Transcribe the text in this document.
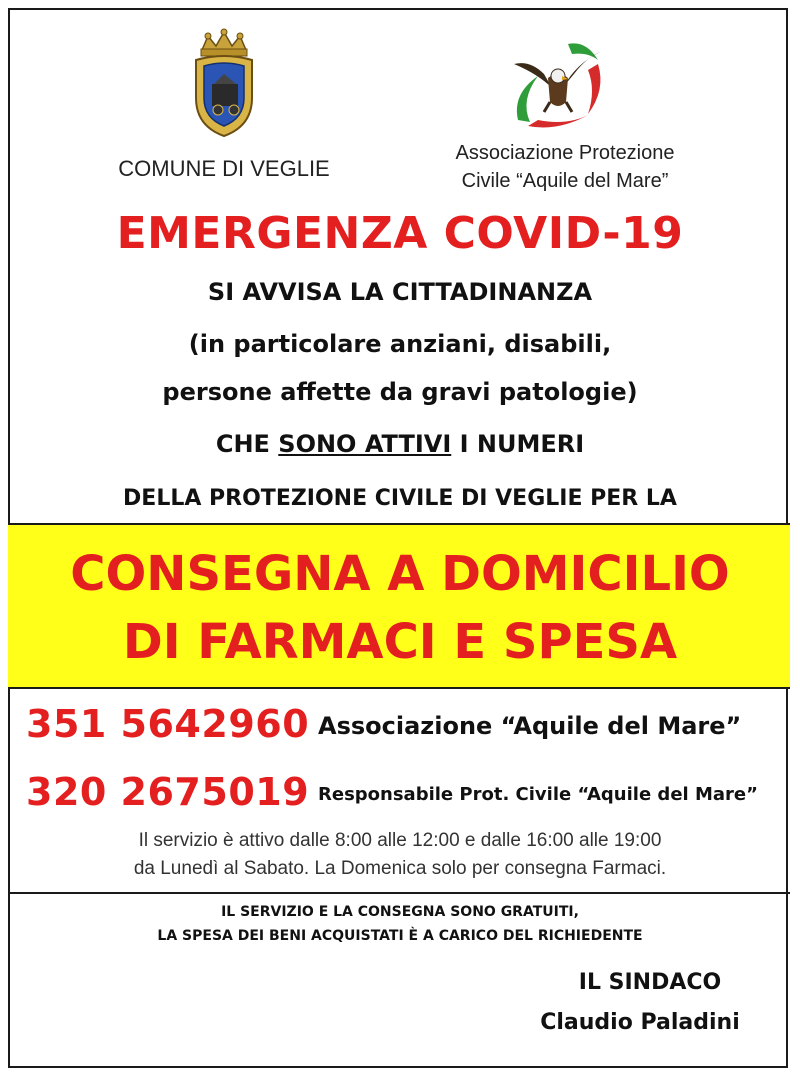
COMUNE DI VEGLIE
Associazione Protezione
Civile “Aquile del Mare”
EMERGENZA COVID-19
SI AVVISA LA CITTADINANZA
(in particolare anziani, disabili,
persone affette da gravi patologie)
CHE SONO ATTIVI I NUMERI
DELLA PROTEZIONE CIVILE DI VEGLIE PER LA
CONSEGNA A DOMICILIO
DI FARMACI E SPESA
351 5642960 Associazione “Aquile del Mare”
320 2675019 Responsabile Prot. Civile “Aquile del Mare”
Il servizio è attivo dalle 8:00 alle 12:00 e dalle 16:00 alle 19:00
da Lunedì al Sabato. La Domenica solo per consegna Farmaci.
IL SERVIZIO E LA CONSEGNA SONO GRATUITI,
LA SPESA DEI BENI ACQUISTATI È A CARICO DEL RICHIEDENTE
IL SINDACO
Claudio Paladini
